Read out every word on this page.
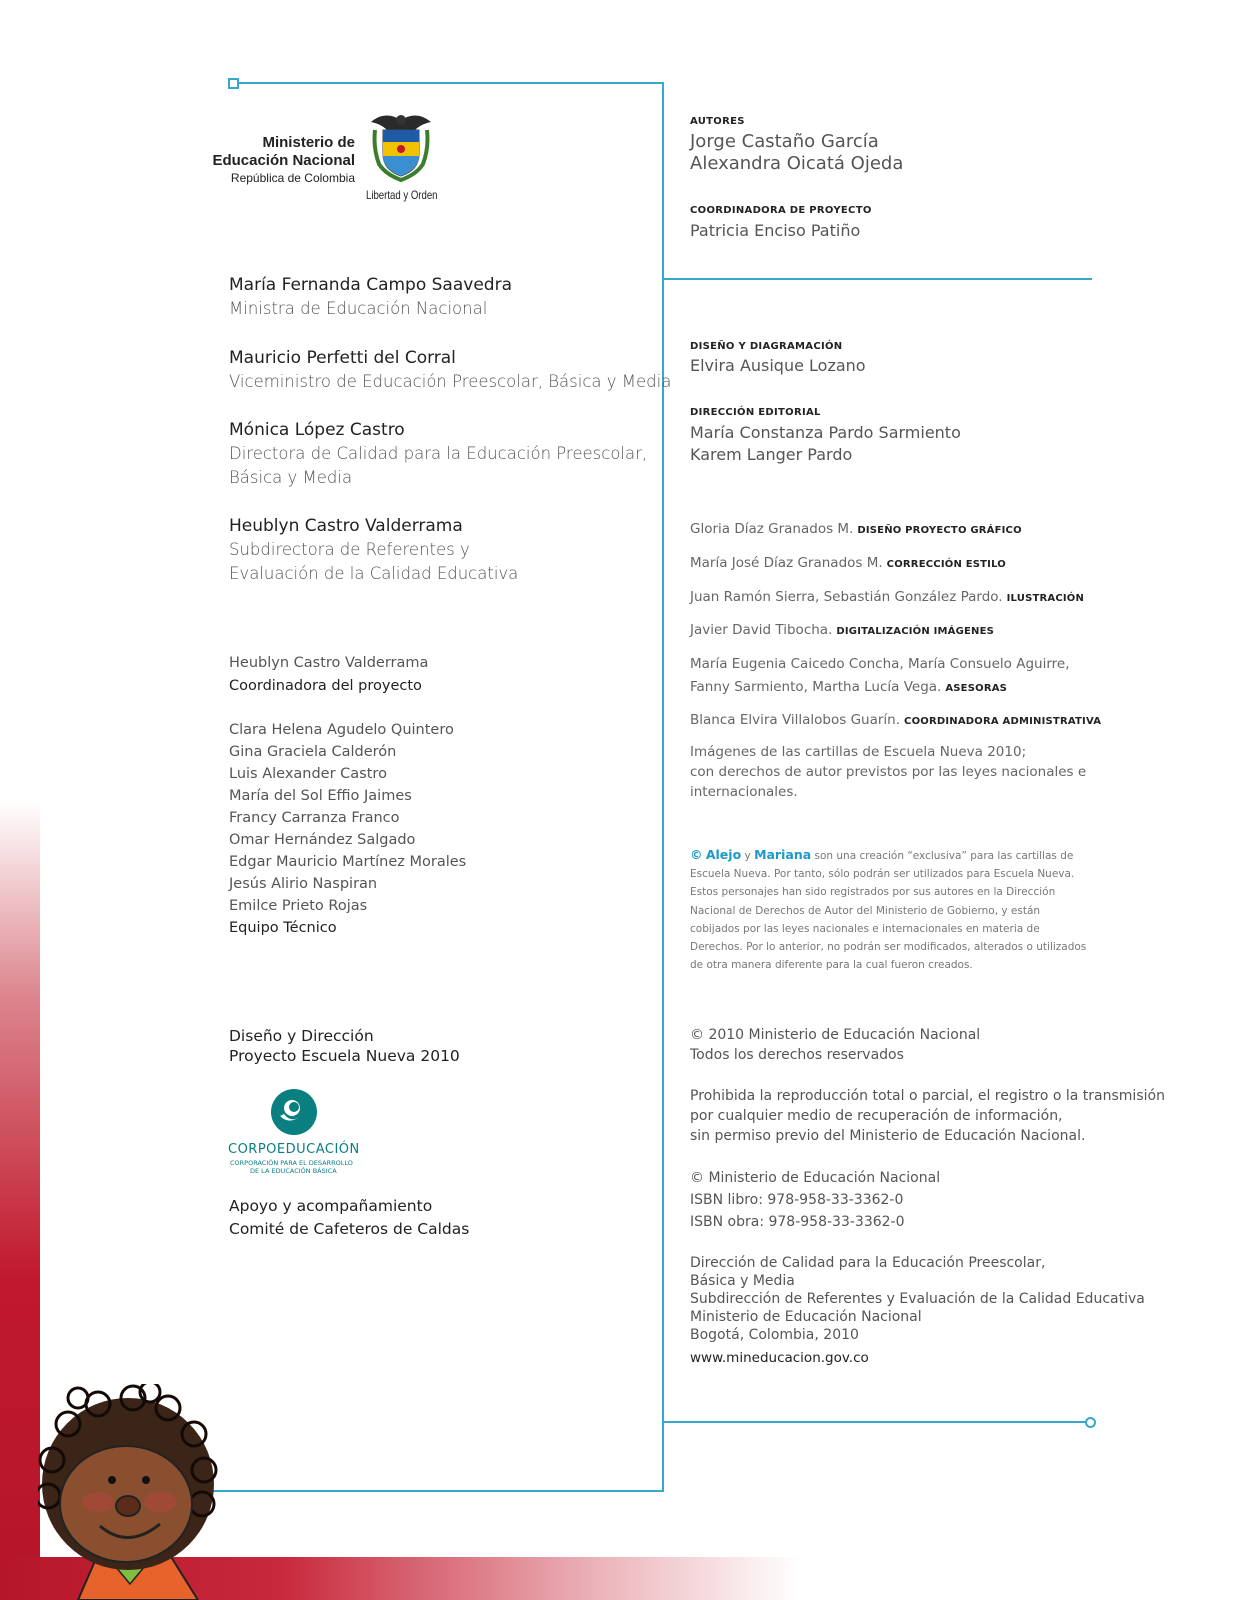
Ministerio de
Educación Nacional
República de Colombia
Libertad y Orden
María Fernanda Campo Saavedra
Ministra de Educación Nacional
Mauricio Perfetti del Corral
Viceministro de Educación Preescolar, Básica y Media
Mónica López Castro
Directora de Calidad para la Educación Preescolar,
Básica y Media
Heublyn Castro Valderrama
Subdirectora de Referentes y
Evaluación de la Calidad Educativa
Heublyn Castro Valderrama
Coordinadora del proyecto
Clara Helena Agudelo Quintero
Gina Graciela Calderón
Luis Alexander Castro
María del Sol Effio Jaimes
Francy Carranza Franco
Omar Hernández Salgado
Edgar Mauricio Martínez Morales
Jesús Alirio Naspiran
Emilce Prieto Rojas
Equipo Técnico
Diseño y Dirección
Proyecto Escuela Nueva 2010
CORPOEDUCACIÓN
CORPORACIÓN PARA EL DESARROLLO
DE LA EDUCACIÓN BÁSICA
Apoyo y acompañamiento
Comité de Cafeteros de Caldas
AUTORES
Jorge Castaño García
Alexandra Oicatá Ojeda
COORDINADORA DE PROYECTO
Patricia Enciso Patiño
DISEÑO Y DIAGRAMACIÓN
Elvira Ausique Lozano
DIRECCIÓN EDITORIAL
María Constanza Pardo Sarmiento
Karem Langer Pardo
Gloria Díaz Granados M. DISEÑO PROYECTO GRÁFICO
María José Díaz Granados M. CORRECCIÓN ESTILO
Juan Ramón Sierra, Sebastián González Pardo. ILUSTRACIÓN
Javier David Tibocha. DIGITALIZACIÓN IMÁGENES
María Eugenia Caicedo Concha, María Consuelo Aguirre,
Fanny Sarmiento, Martha Lucía Vega. ASESORAS
Blanca Elvira Villalobos Guarín. COORDINADORA ADMINISTRATIVA
Imágenes de las cartillas de Escuela Nueva 2010;
con derechos de autor previstos por las leyes nacionales e
internacionales.
© Alejo y Mariana son una creación “exclusiva” para las cartillas de Escuela Nueva. Por tanto, sólo podrán ser utilizados para Escuela Nueva. Estos personajes han sido registrados por sus autores en la Dirección Nacional de Derechos de Autor del Ministerio de Gobierno, y están cobijados por las leyes nacionales e internacionales en materia de Derechos. Por lo anterior, no podrán ser modificados, alterados o utilizados de otra manera diferente para la cual fueron creados.
© 2010 Ministerio de Educación Nacional
Todos los derechos reservados
Prohibida la reproducción total o parcial, el registro o la transmisión
por cualquier medio de recuperación de información,
sin permiso previo del Ministerio de Educación Nacional.
© Ministerio de Educación Nacional
ISBN libro: 978-958-33-3362-0
ISBN obra: 978-958-33-3362-0
Dirección de Calidad para la Educación Preescolar,
Básica y Media
Subdirección de Referentes y Evaluación de la Calidad Educativa
Ministerio de Educación Nacional
Bogotá, Colombia, 2010
www.mineducacion.gov.co
